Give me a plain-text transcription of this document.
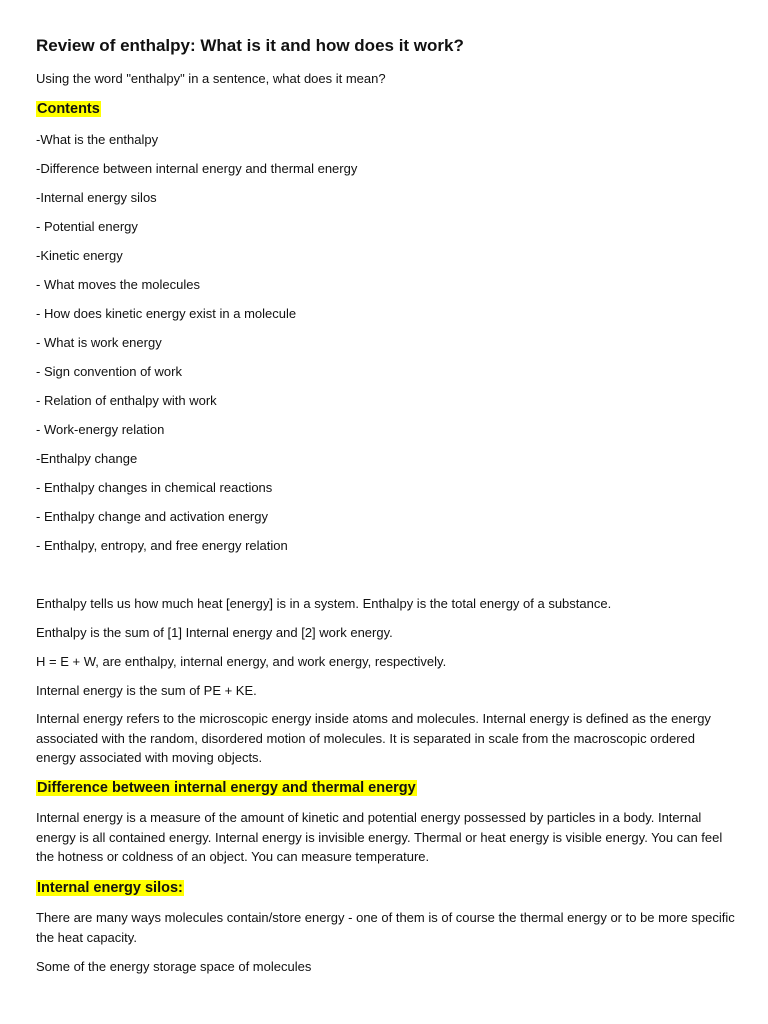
Review of enthalpy: What is it and how does it work?

Using the word "enthalpy" in a sentence, what does it mean?

Contents

-What is the enthalpy

-Difference between internal energy and thermal energy

-Internal energy silos

- Potential energy

-Kinetic energy

- What moves the molecules

- How does kinetic energy exist in a molecule

- What is work energy

- Sign convention of work

- Relation of enthalpy with work

- Work-energy relation

-Enthalpy change

- Enthalpy changes in chemical reactions

- Enthalpy change and activation energy

- Enthalpy, entropy, and free energy relation

Enthalpy tells us how much heat [energy] is in a system. Enthalpy is the total energy of a substance.

Enthalpy is the sum of [1] Internal energy and [2] work energy.

H = E + W, are enthalpy, internal energy, and work energy, respectively.

Internal energy is the sum of PE + KE.

Internal energy refers to the microscopic energy inside atoms and molecules. Internal energy is defined as the energy associated with the random, disordered motion of molecules. It is separated in scale from the macroscopic ordered energy associated with moving objects.

Difference between internal energy and thermal energy

Internal energy is a measure of the amount of kinetic and potential energy possessed by particles in a body. Internal energy is all contained energy. Internal energy is invisible energy. Thermal or heat energy is visible energy. You can feel the hotness or coldness of an object. You can measure temperature.

Internal energy silos:

There are many ways molecules contain/store energy - one of them is of course the thermal energy or to be more specific the heat capacity.

Some of the energy storage space of molecules
